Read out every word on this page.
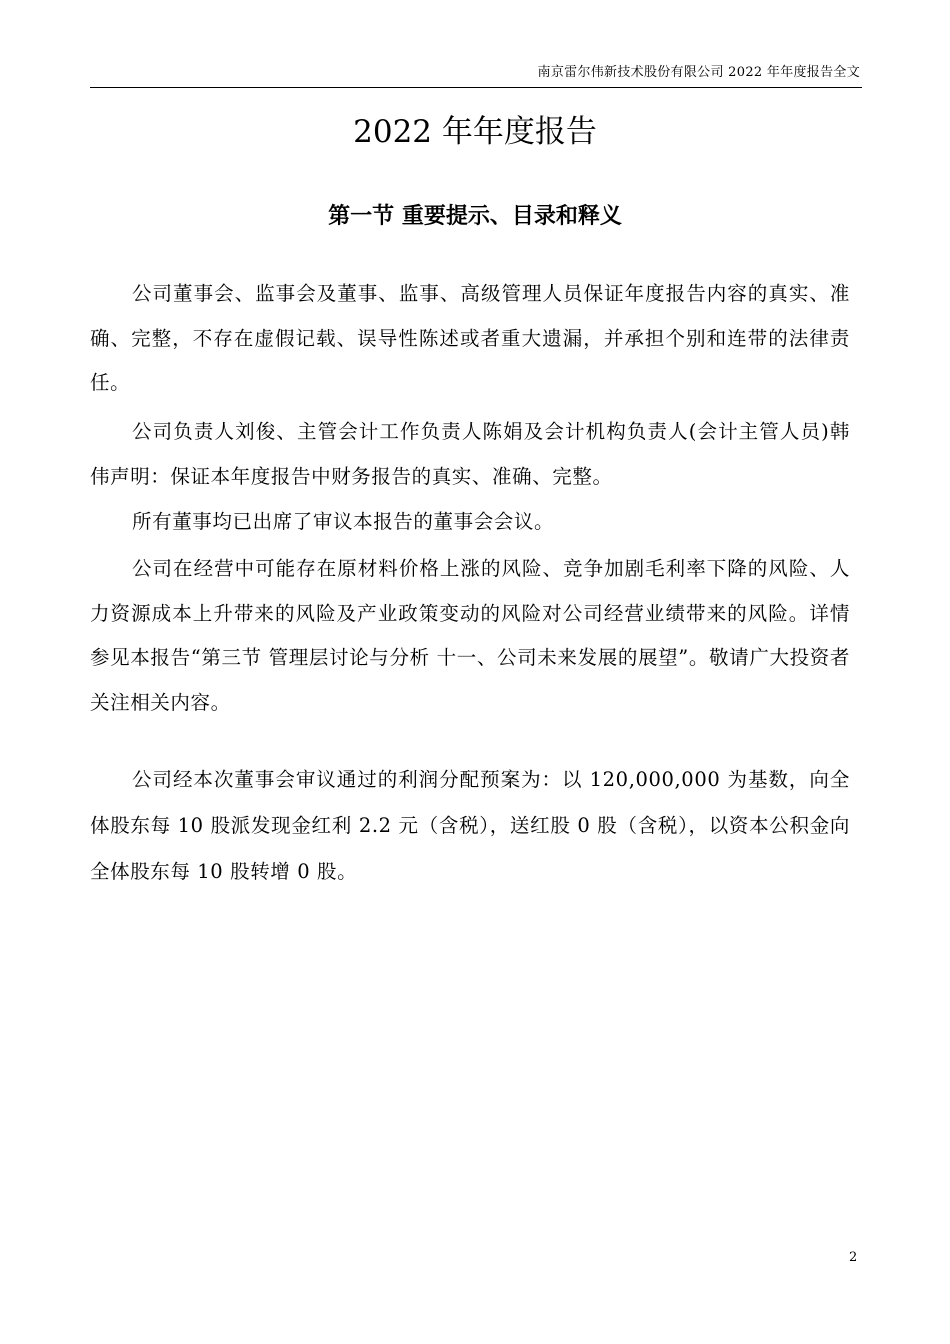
南京雷尔伟新技术股份有限公司 2022 年年度报告全文
2022 年年度报告
第一节 重要提示、目录和释义

公司董事会、监事会及董事、监事、高级管理人员保证年度报告内容的真实、准确、完整，不存在虚假记载、误导性陈述或者重大遗漏，并承担个别和连带的法律责任。

公司负责人刘俊、主管会计工作负责人陈娟及会计机构负责人(会计主管人员)韩伟声明：保证本年度报告中财务报告的真实、准确、完整。

所有董事均已出席了审议本报告的董事会会议。

公司在经营中可能存在原材料价格上涨的风险、竞争加剧毛利率下降的风险、人力资源成本上升带来的风险及产业政策变动的风险对公司经营业绩带来的风险。详情参见本报告“第三节 管理层讨论与分析 十一、公司未来发展的展望”。敬请广大投资者关注相关内容。

公司经本次董事会审议通过的利润分配预案为：以 120,000,000 为基数，向全体股东每 10 股派发现金红利 2.2 元（含税），送红股 0 股（含税），以资本公积金向全体股东每 10 股转增 0 股。

2
